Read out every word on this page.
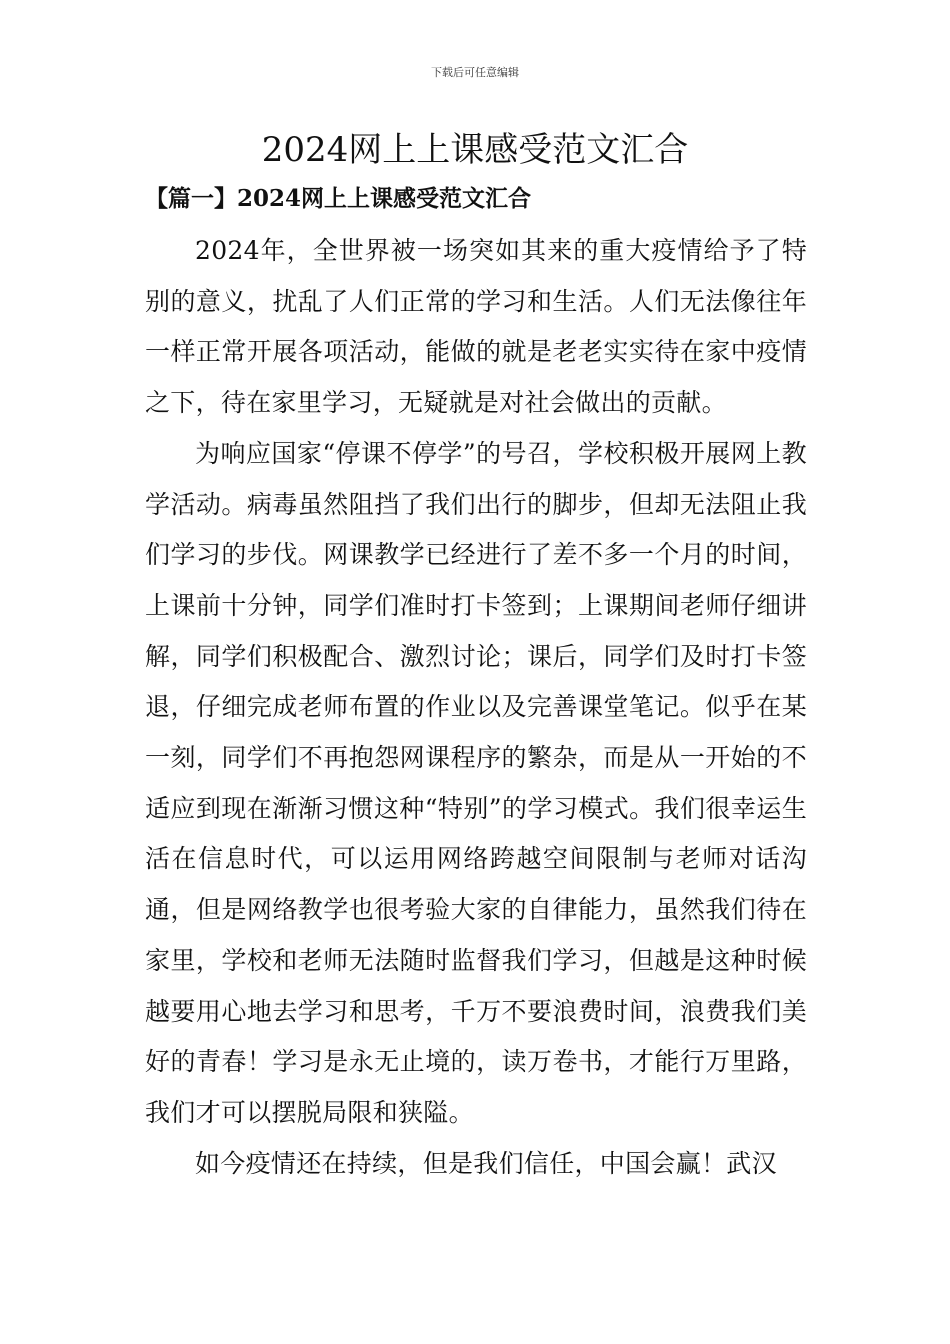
下载后可任意编辑
2024网上上课感受范文汇合
【篇一】2024网上上课感受范文汇合

2024年，全世界被一场突如其来的重大疫情给予了特别的意义，扰乱了人们正常的学习和生活。人们无法像往年一样正常开展各项活动，能做的就是老老实实待在家中疫情之下，待在家里学习，无疑就是对社会做出的贡献。

为响应国家“停课不停学”的号召，学校积极开展网上教学活动。病毒虽然阻挡了我们出行的脚步，但却无法阻止我们学习的步伐。网课教学已经进行了差不多一个月的时间，上课前十分钟，同学们准时打卡签到；上课期间老师仔细讲解，同学们积极配合、激烈讨论；课后，同学们及时打卡签退，仔细完成老师布置的作业以及完善课堂笔记。似乎在某一刻，同学们不再抱怨网课程序的繁杂，而是从一开始的不适应到现在渐渐习惯这种“特别”的学习模式。我们很幸运生活在信息时代，可以运用网络跨越空间限制与老师对话沟通，但是网络教学也很考验大家的自律能力，虽然我们待在家里，学校和老师无法随时监督我们学习，但越是这种时候越要用心地去学习和思考，千万不要浪费时间，浪费我们美好的青春！学习是永无止境的，读万卷书，才能行万里路，我们才可以摆脱局限和狭隘。

如今疫情还在持续，但是我们信任，中国会赢！武汉
